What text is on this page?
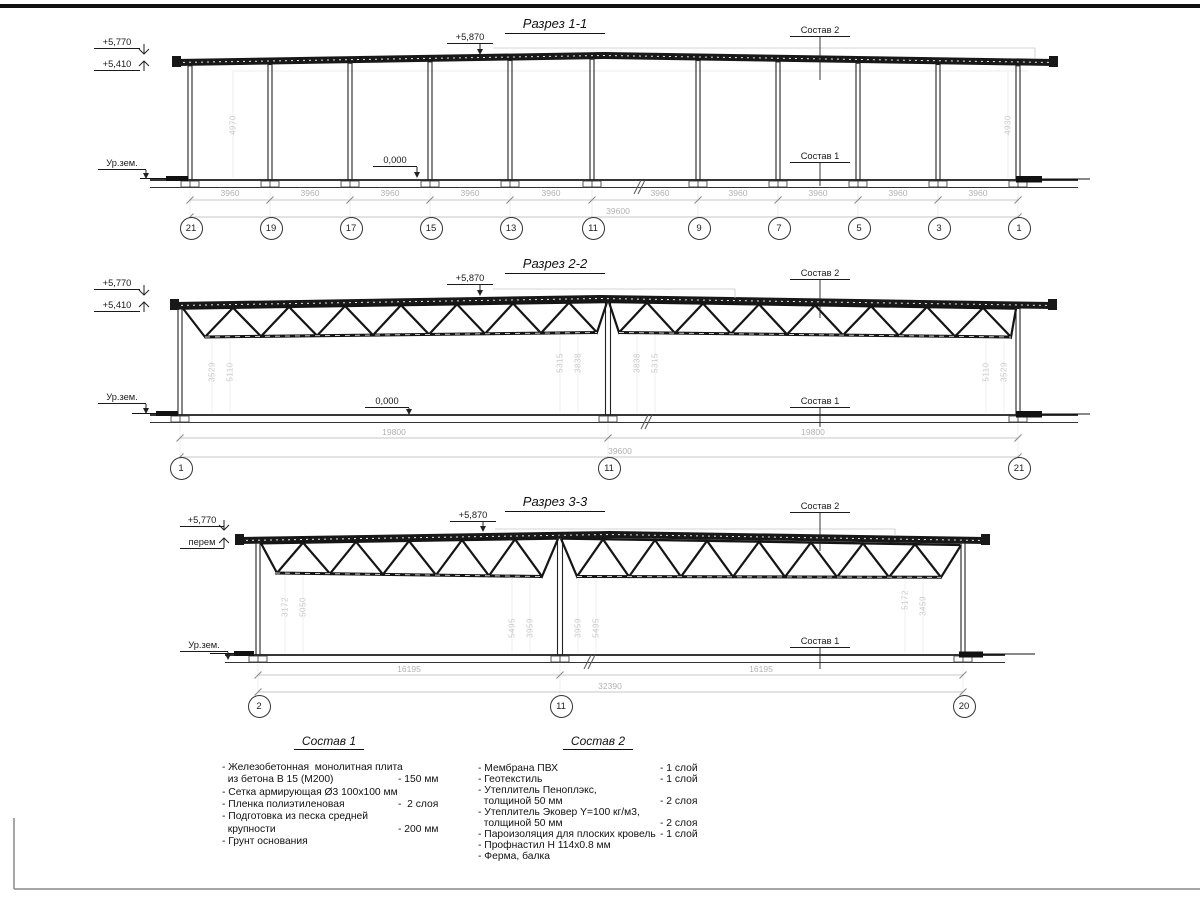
Разрез 1-1
+5,770
+5,410
+5,870
Состав 2
Состав 1
0,000
Ур.зем.
3960	3960	3960	3960	3960	3960	3960	3960	3960	3960
39600
4970	4930
21	19	17	15	13	11	9	7	5	3	1
Разрез 2-2
+5,770
+5,410
+5,870	Состав 2
Состав 1
0,000
Ур.зем.
19800	19800
39600
3529 5110	5315 3838	3838 5315	5110 3529
1	11	21
Разрез 3-3
+5,770
перем
+5,870
Состав 2
Состав 1
Ур.зем.
16195	16195
32390
3172 5050
5495 3959	3959 5495
5172 3459
2	11	20
Состав 1
- Железобетонная  монолитная плита
из бетона В 15 (М200)	- 150 мм
- Сетка армирующая Ø3 100x100 мм
- Пленка полиэтиленовая	-  2 слоя
- Подготовка из песка средней
крупности	- 200 мм
- Грунт основания
Состав 2
- Мембрана ПВХ	- 1 слой
- Геотекстиль	- 1 слой
- Утеплитель Пеноплэкс,
толщиной 50 мм	- 2 слоя
- Утеплитель Эковер Y=100 кг/м3,
толщиной 50 мм	- 2 слоя
- Пароизоляция для плоских кровель - 1 слой
- Профнастил Н 114х0.8 мм
- Ферма, балка
